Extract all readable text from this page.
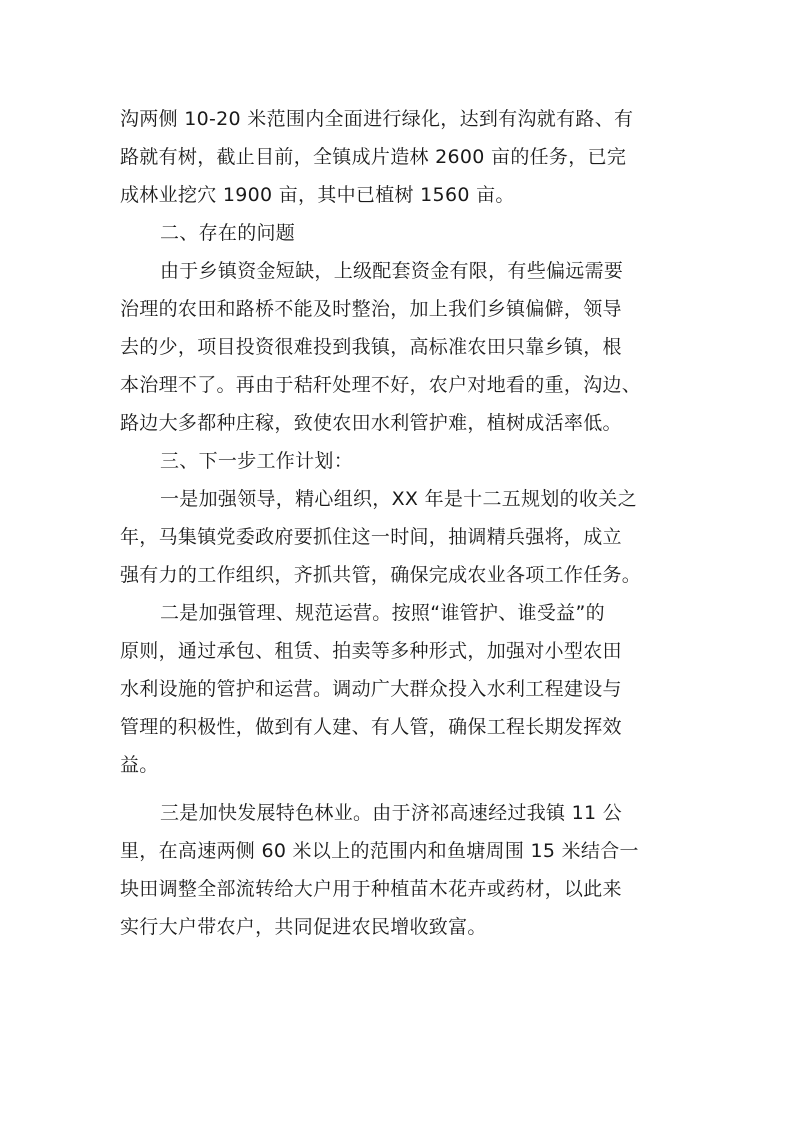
沟两侧 10-20 米范围内全面进行绿化，达到有沟就有路、有
路就有树，截止目前，全镇成片造林 2600 亩的任务，已完
成林业挖穴 1900 亩，其中已植树 1560 亩。
二、存在的问题
由于乡镇资金短缺，上级配套资金有限，有些偏远需要
治理的农田和路桥不能及时整治，加上我们乡镇偏僻，领导
去的少，项目投资很难投到我镇，高标准农田只靠乡镇，根
本治理不了。再由于秸秆处理不好，农户对地看的重，沟边、
路边大多都种庄稼，致使农田水利管护难，植树成活率低。
三、下一步工作计划：
一是加强领导，精心组织，XX 年是十二五规划的收关之
年，马集镇党委政府要抓住这一时间，抽调精兵强将，成立
强有力的工作组织，齐抓共管，确保完成农业各项工作任务。
二是加强管理、规范运营。按照“谁管护、谁受益”的
原则，通过承包、租赁、拍卖等多种形式，加强对小型农田
水利设施的管护和运营。调动广大群众投入水利工程建设与
管理的积极性，做到有人建、有人管，确保工程长期发挥效
益。
三是加快发展特色林业。由于济祁高速经过我镇 11 公
里，在高速两侧 60 米以上的范围内和鱼塘周围 15 米结合一
块田调整全部流转给大户用于种植苗木花卉或药材，以此来
实行大户带农户，共同促进农民增收致富。
